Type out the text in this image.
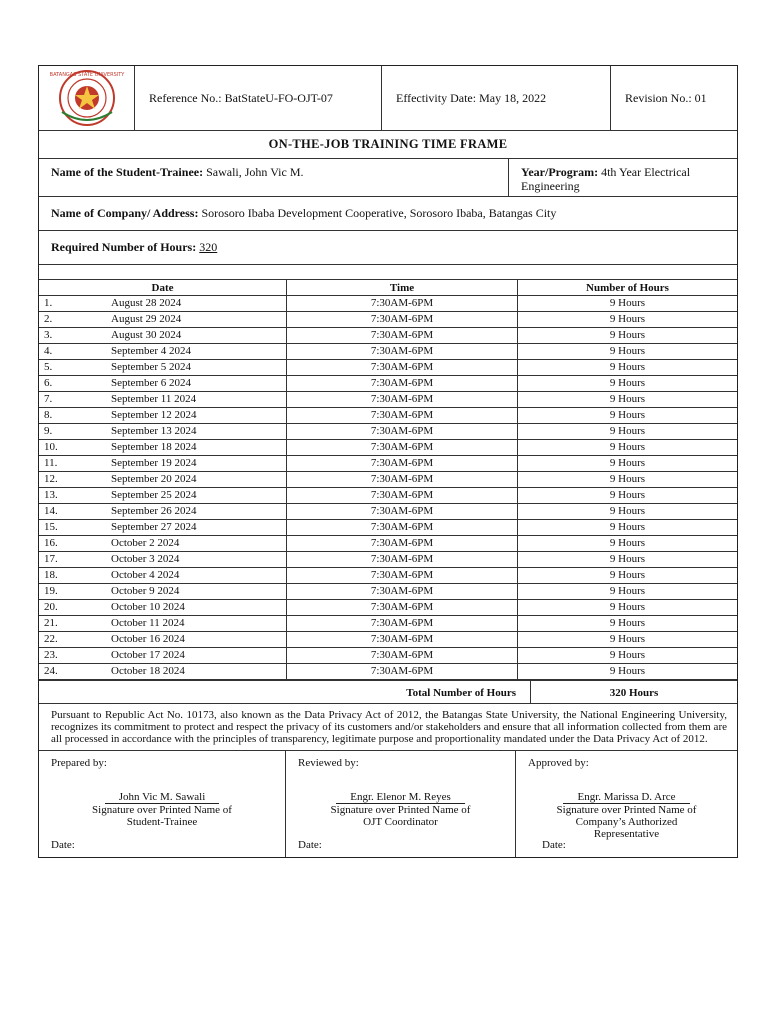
BATANGAS STATE UNIVERSITY
Reference No.: BatStateU-FO-OJT-07	Effectivity Date: May 18, 2022	Revision No.: 01
ON-THE-JOB TRAINING TIME FRAME
Name of the Student-Trainee: Sawali, John Vic M.	Year/Program: 4th Year Electrical Engineering
Name of Company/ Address: Sorosoro Ibaba Development Cooperative, Sorosoro Ibaba, Batangas City
Required Number of Hours: 320
Date	Time	Number of Hours
1. August 28 2024	7:30AM-6PM	9 Hours
2. August 29 2024	7:30AM-6PM	9 Hours
3. August 30 2024	7:30AM-6PM	9 Hours
4. September 4 2024	7:30AM-6PM	9 Hours
5. September 5 2024	7:30AM-6PM	9 Hours
6. September 6 2024	7:30AM-6PM	9 Hours
7. September 11 2024	7:30AM-6PM	9 Hours
8. September 12 2024	7:30AM-6PM	9 Hours
9. September 13 2024	7:30AM-6PM	9 Hours
10. September 18 2024	7:30AM-6PM	9 Hours
11. September 19 2024	7:30AM-6PM	9 Hours
12. September 20 2024	7:30AM-6PM	9 Hours
13. September 25 2024	7:30AM-6PM	9 Hours
14. September 26 2024	7:30AM-6PM	9 Hours
15. September 27 2024	7:30AM-6PM	9 Hours
16. October 2 2024	7:30AM-6PM	9 Hours
17. October 3 2024	7:30AM-6PM	9 Hours
18. October 4 2024	7:30AM-6PM	9 Hours
19. October 9 2024	7:30AM-6PM	9 Hours
20. October 10 2024	7:30AM-6PM	9 Hours
21. October 11 2024	7:30AM-6PM	9 Hours
22. October 16 2024	7:30AM-6PM	9 Hours
23. October 17 2024	7:30AM-6PM	9 Hours
24. October 18 2024	7:30AM-6PM	9 Hours
Total Number of Hours	320 Hours
Pursuant to Republic Act No. 10173, also known as the Data Privacy Act of 2012, the Batangas State University, the National Engineering University, recognizes its commitment to protect and respect the privacy of its customers and/or stakeholders and ensure that all information collected from them are all processed in accordance with the principles of transparency, legitimate purpose and proportionality mandated under the Data Privacy Act of 2012.
Prepared by:
John Vic M. Sawali
Signature over Printed Name of
Student-Trainee
Date:
Reviewed by:
Engr. Elenor M. Reyes
Signature over Printed Name of
OJT Coordinator
Date:
Approved by:
Engr. Marissa D. Arce
Signature over Printed Name of
Company’s Authorized
Representative
Date:
